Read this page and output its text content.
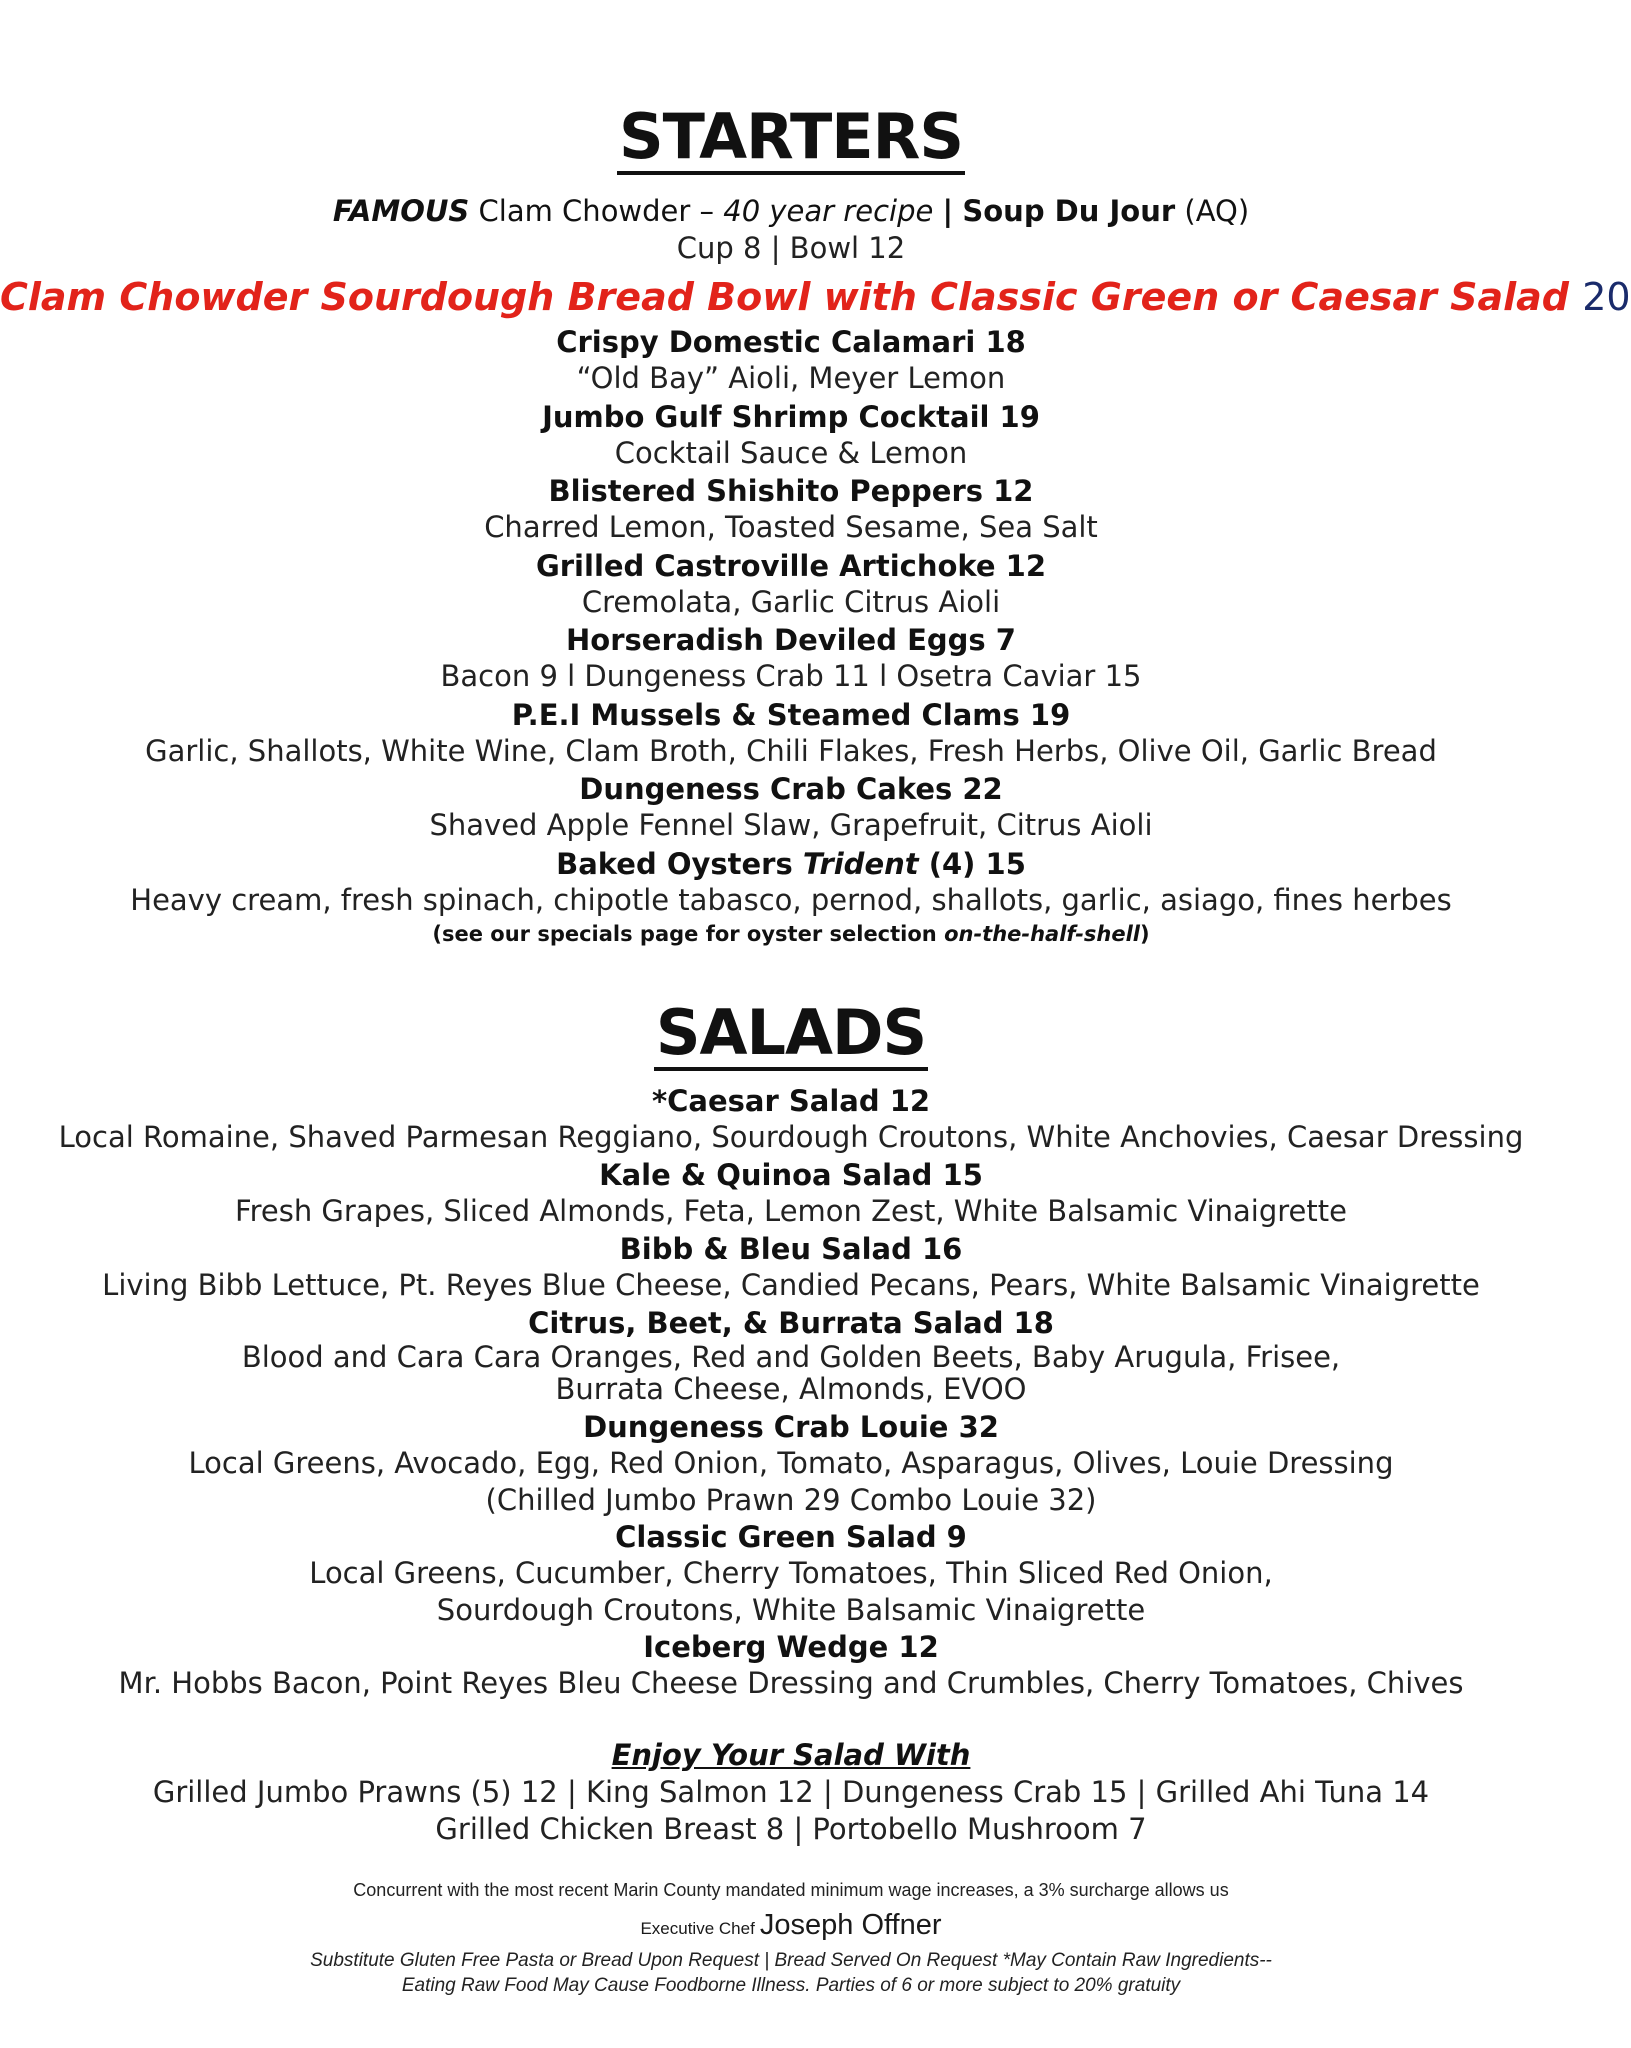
STARTERS

FAMOUS Clam Chowder – 40 year recipe | Soup Du Jour (AQ)

Cup 8 | Bowl 12

Clam Chowder Sourdough Bread Bowl with Classic Green or Caesar Salad 20

Crispy Domestic Calamari 18

“Old Bay” Aioli, Meyer Lemon

Jumbo Gulf Shrimp Cocktail 19

Cocktail Sauce & Lemon

Blistered Shishito Peppers 12

Charred Lemon, Toasted Sesame, Sea Salt

Grilled Castroville Artichoke 12

Cremolata, Garlic Citrus Aioli

Horseradish Deviled Eggs 7

Bacon 9 l Dungeness Crab 11 l Osetra Caviar 15

P.E.I Mussels & Steamed Clams 19

Garlic, Shallots, White Wine, Clam Broth, Chili Flakes, Fresh Herbs, Olive Oil, Garlic Bread

Dungeness Crab Cakes 22

Shaved Apple Fennel Slaw, Grapefruit, Citrus Aioli

Baked Oysters Trident (4) 15

Heavy cream, fresh spinach, chipotle tabasco, pernod, shallots, garlic, asiago, fines herbes

(see our specials page for oyster selection on-the-half-shell)

SALADS

*Caesar Salad 12

Local Romaine, Shaved Parmesan Reggiano, Sourdough Croutons, White Anchovies, Caesar Dressing

Kale & Quinoa Salad 15

Fresh Grapes, Sliced Almonds, Feta, Lemon Zest, White Balsamic Vinaigrette

Bibb & Bleu Salad 16

Living Bibb Lettuce, Pt. Reyes Blue Cheese, Candied Pecans, Pears, White Balsamic Vinaigrette

Citrus, Beet, & Burrata Salad 18

Blood and Cara Cara Oranges, Red and Golden Beets, Baby Arugula, Frisee,

Burrata Cheese, Almonds, EVOO

Dungeness Crab Louie 32

Local Greens, Avocado, Egg, Red Onion, Tomato, Asparagus, Olives, Louie Dressing

(Chilled Jumbo Prawn 29 Combo Louie 32)

Classic Green Salad 9

Local Greens, Cucumber, Cherry Tomatoes, Thin Sliced Red Onion,

Sourdough Croutons, White Balsamic Vinaigrette

Iceberg Wedge 12

Mr. Hobbs Bacon, Point Reyes Bleu Cheese Dressing and Crumbles, Cherry Tomatoes, Chives

Enjoy Your Salad With

Grilled Jumbo Prawns (5) 12 | King Salmon 12 | Dungeness Crab 15 | Grilled Ahi Tuna 14

Grilled Chicken Breast 8 | Portobello Mushroom 7

Concurrent with the most recent Marin County mandated minimum wage increases, a 3% surcharge allows us

Executive Chef Joseph Offner

Substitute Gluten Free Pasta or Bread Upon Request | Bread Served On Request *May Contain Raw Ingredients--

Eating Raw Food May Cause Foodborne Illness. Parties of 6 or more subject to 20% gratuity
